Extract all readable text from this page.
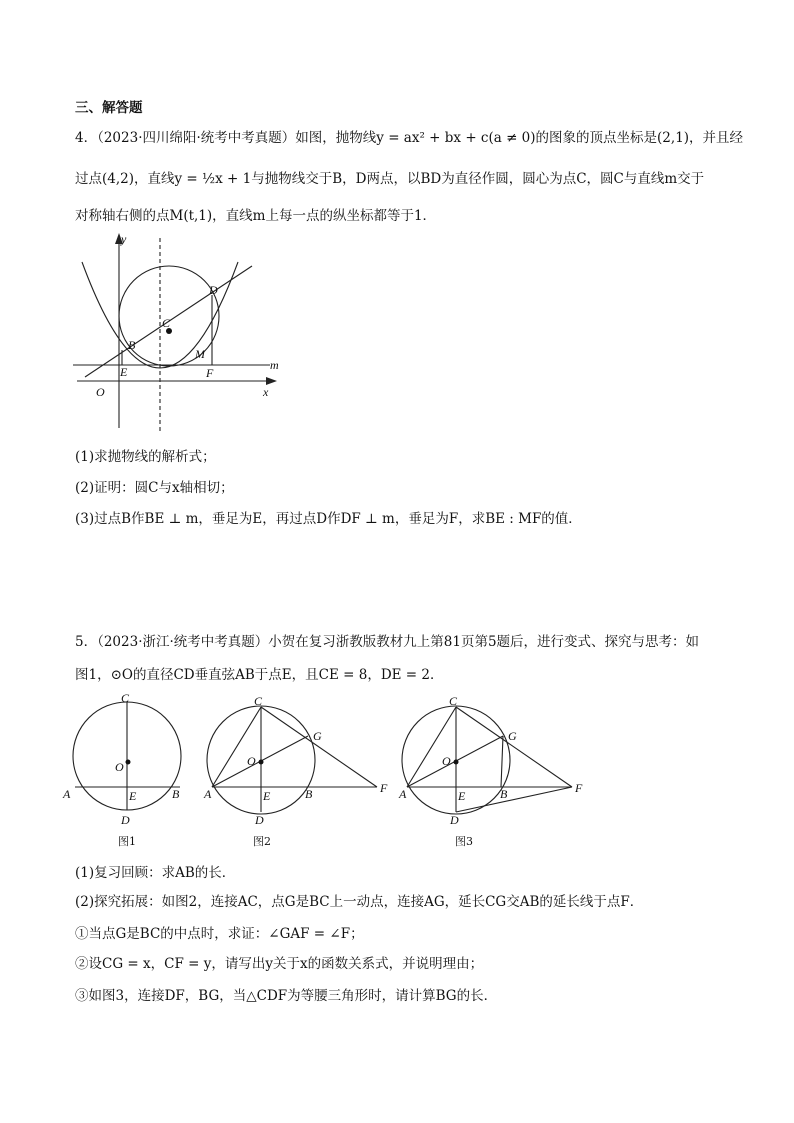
三、解答题
4．（2023·四川绵阳·统考中考真题）如图，抛物线y = ax² + bx + c(a ≠ 0)的图象的顶点坐标是(2,1)，并且经
过点(4,2)，直线y = ½x + 1与抛物线交于B，D两点，以BD为直径作圆，圆心为点C，圆C与直线m交于
对称轴右侧的点M(t,1)，直线m上每一点的纵坐标都等于1．
y
x
O
B
C
D
E	F
M
m
(1)求抛物线的解析式；
(2)证明：圆C与x轴相切；
(3)过点B作BE ⊥ m，垂足为E，再过点D作DF ⊥ m，垂足为F，求BE : MF的值．
5．（2023·浙江·统考中考真题）小贺在复习浙教版教材九上第81页第5题后，进行变式、探究与思考：如
图1，⊙O的直径CD垂直弦AB于点E，且CE = 8，DE = 2．
C
O
A	E	B
D
图1
C
G
O
A	E	B	F
D
图2
C
G
O
A	E	B	F
D
图3
(1)复习回顾：求AB的长．
(2)探究拓展：如图2，连接AC，点G是BC上一动点，连接AG，延长CG交AB的延长线于点F．
①当点G是BC的中点时，求证：∠GAF = ∠F；
②设CG = x，CF = y，请写出y关于x的函数关系式，并说明理由；
③如图3，连接DF，BG，当△CDF为等腰三角形时，请计算BG的长．
